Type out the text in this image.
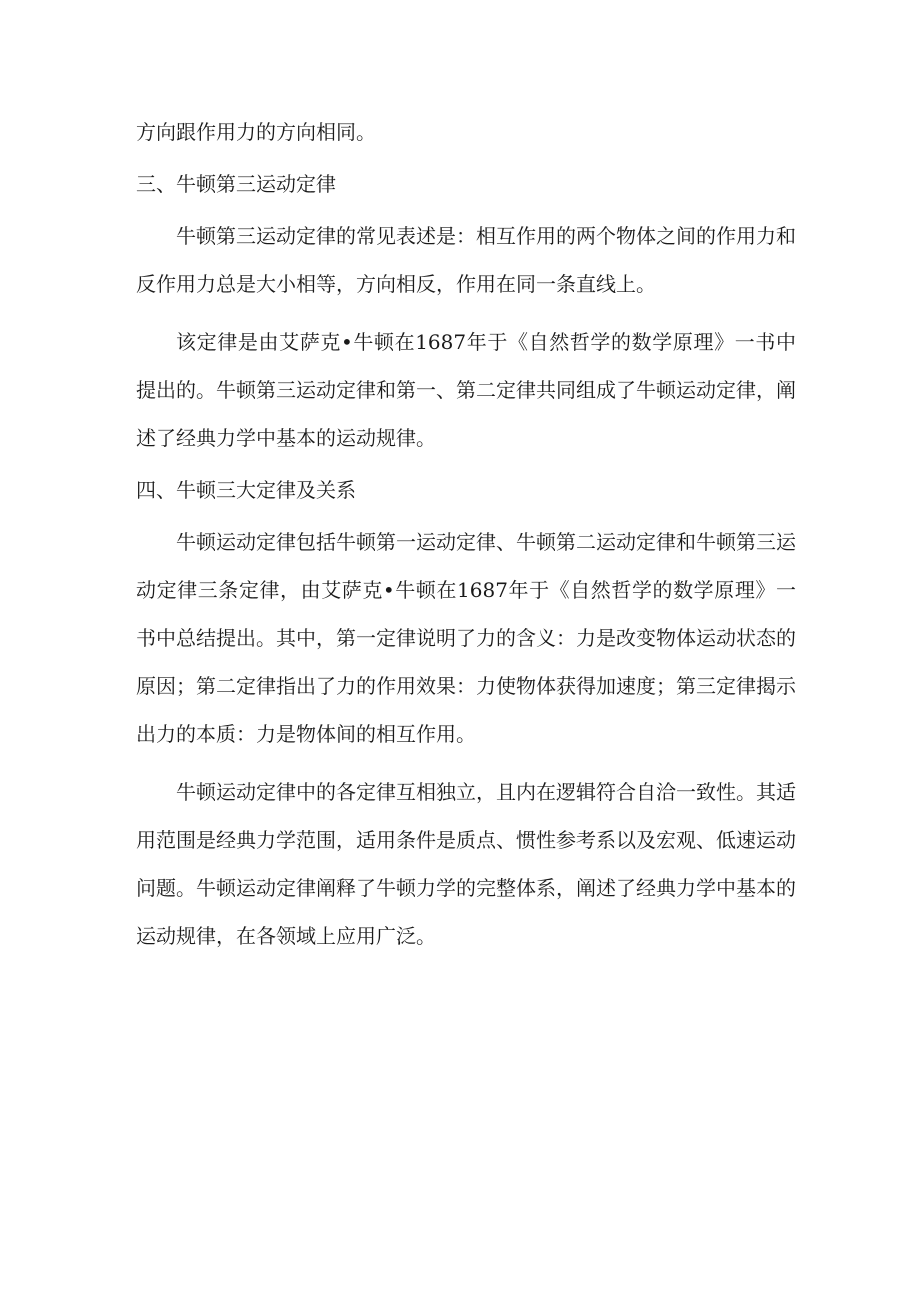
方向跟作用力的方向相同。

三、牛顿第三运动定律

牛顿第三运动定律的常见表述是：相互作用的两个物体之间的作用力和反作用力总是大小相等，方向相反，作用在同一条直线上。

该定律是由艾萨克•牛顿在1687年于《自然哲学的数学原理》一书中提出的。牛顿第三运动定律和第一、第二定律共同组成了牛顿运动定律，阐述了经典力学中基本的运动规律。

四、牛顿三大定律及关系

牛顿运动定律包括牛顿第一运动定律、牛顿第二运动定律和牛顿第三运动定律三条定律，由艾萨克•牛顿在1687年于《自然哲学的数学原理》一书中总结提出。其中，第一定律说明了力的含义：力是改变物体运动状态的原因；第二定律指出了力的作用效果：力使物体获得加速度；第三定律揭示出力的本质：力是物体间的相互作用。

牛顿运动定律中的各定律互相独立，且内在逻辑符合自洽一致性。其适用范围是经典力学范围，适用条件是质点、惯性参考系以及宏观、低速运动问题。牛顿运动定律阐释了牛顿力学的完整体系，阐述了经典力学中基本的运动规律，在各领域上应用广泛。
